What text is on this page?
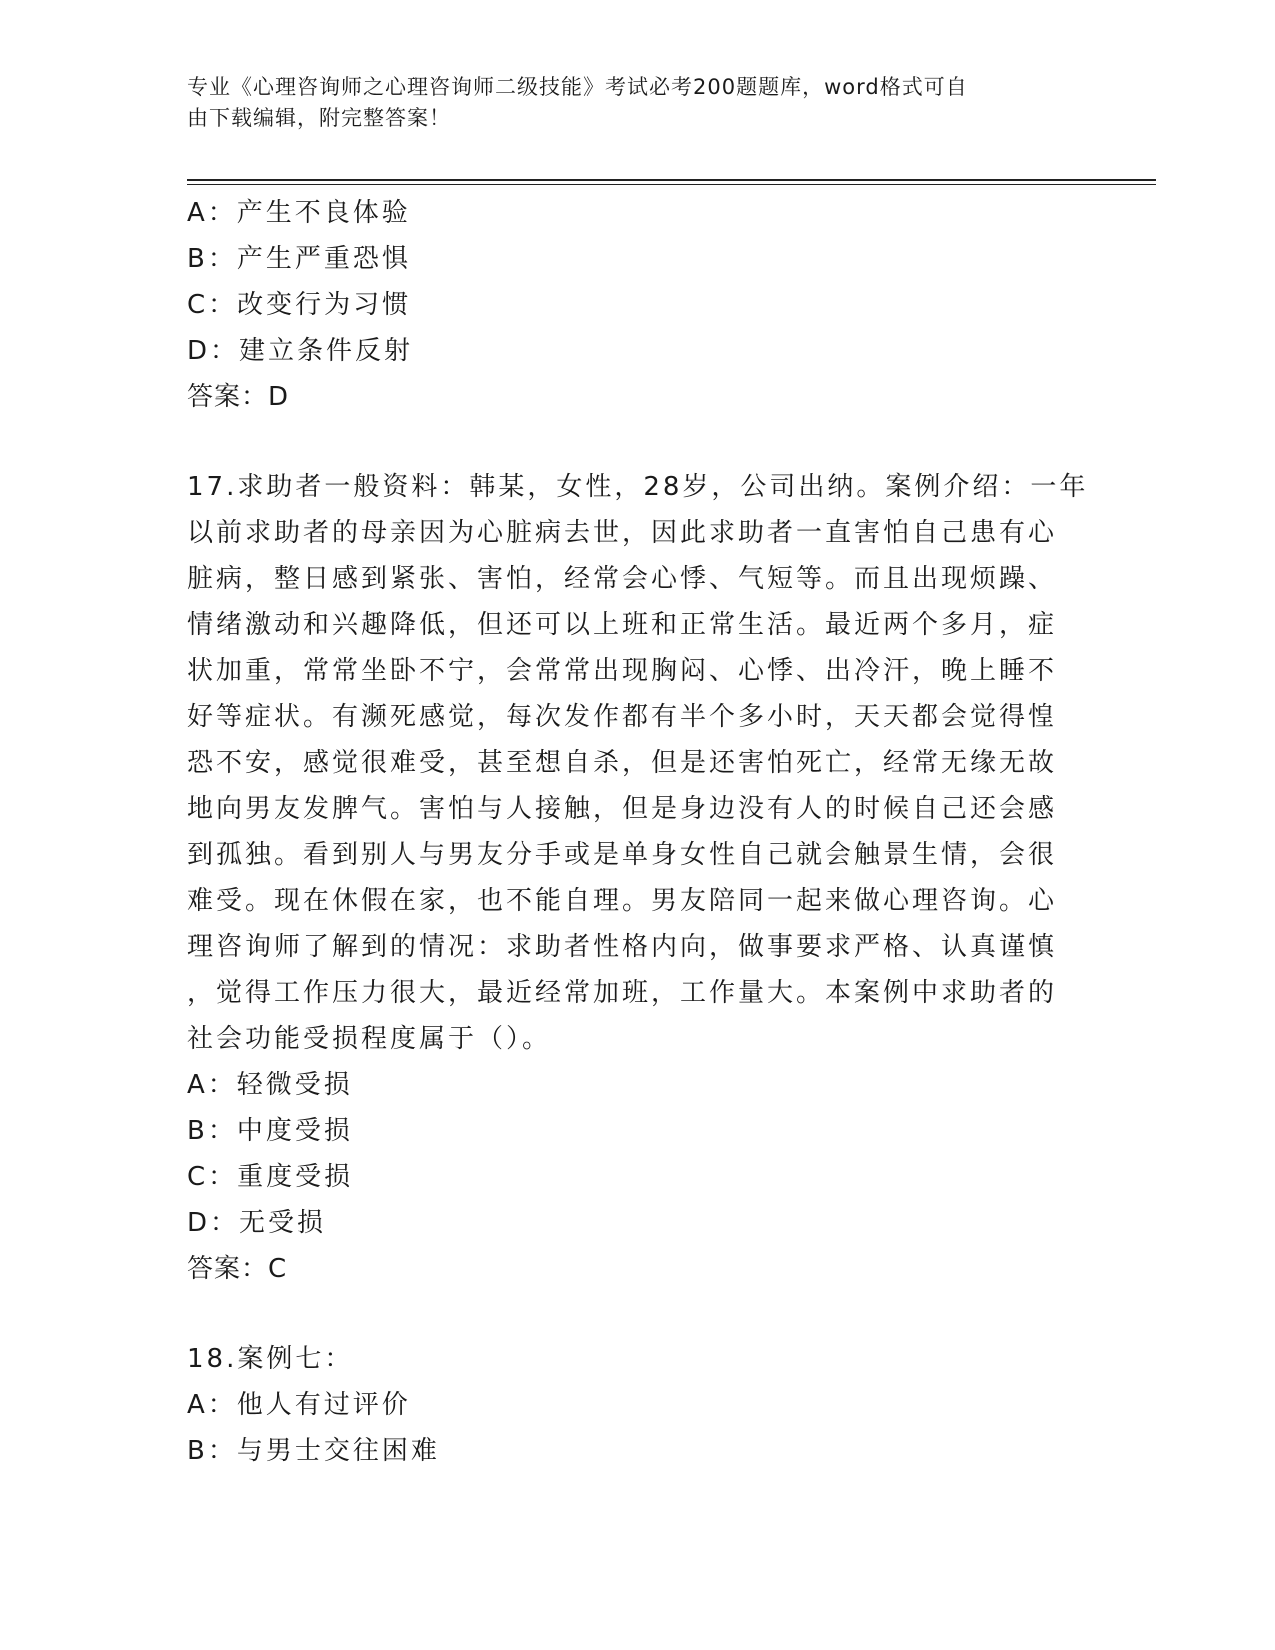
专业《心理咨询师之心理咨询师二级技能》考试必考200题题库，word格式可自
由下载编辑，附完整答案！
A：产生不良体验
B：产生严重恐惧
C：改变行为习惯
D：建立条件反射
答案：D
17.求助者一般资料：韩某，女性，28岁，公司出纳。案例介绍：一年
以前求助者的母亲因为心脏病去世，因此求助者一直害怕自己患有心
脏病，整日感到紧张、害怕，经常会心悸、气短等。而且出现烦躁、
情绪激动和兴趣降低，但还可以上班和正常生活。最近两个多月，症
状加重，常常坐卧不宁，会常常出现胸闷、心悸、出冷汗，晚上睡不
好等症状。有濒死感觉，每次发作都有半个多小时，天天都会觉得惶
恐不安，感觉很难受，甚至想自杀，但是还害怕死亡，经常无缘无故
地向男友发脾气。害怕与人接触，但是身边没有人的时候自己还会感
到孤独。看到别人与男友分手或是单身女性自己就会触景生情，会很
难受。现在休假在家，也不能自理。男友陪同一起来做心理咨询。心
理咨询师了解到的情况：求助者性格内向，做事要求严格、认真谨慎
，觉得工作压力很大，最近经常加班，工作量大。本案例中求助者的
社会功能受损程度属于（）。
A：轻微受损
B：中度受损
C：重度受损
D：无受损
答案：C
18.案例七：
A：他人有过评价
B：与男士交往困难
